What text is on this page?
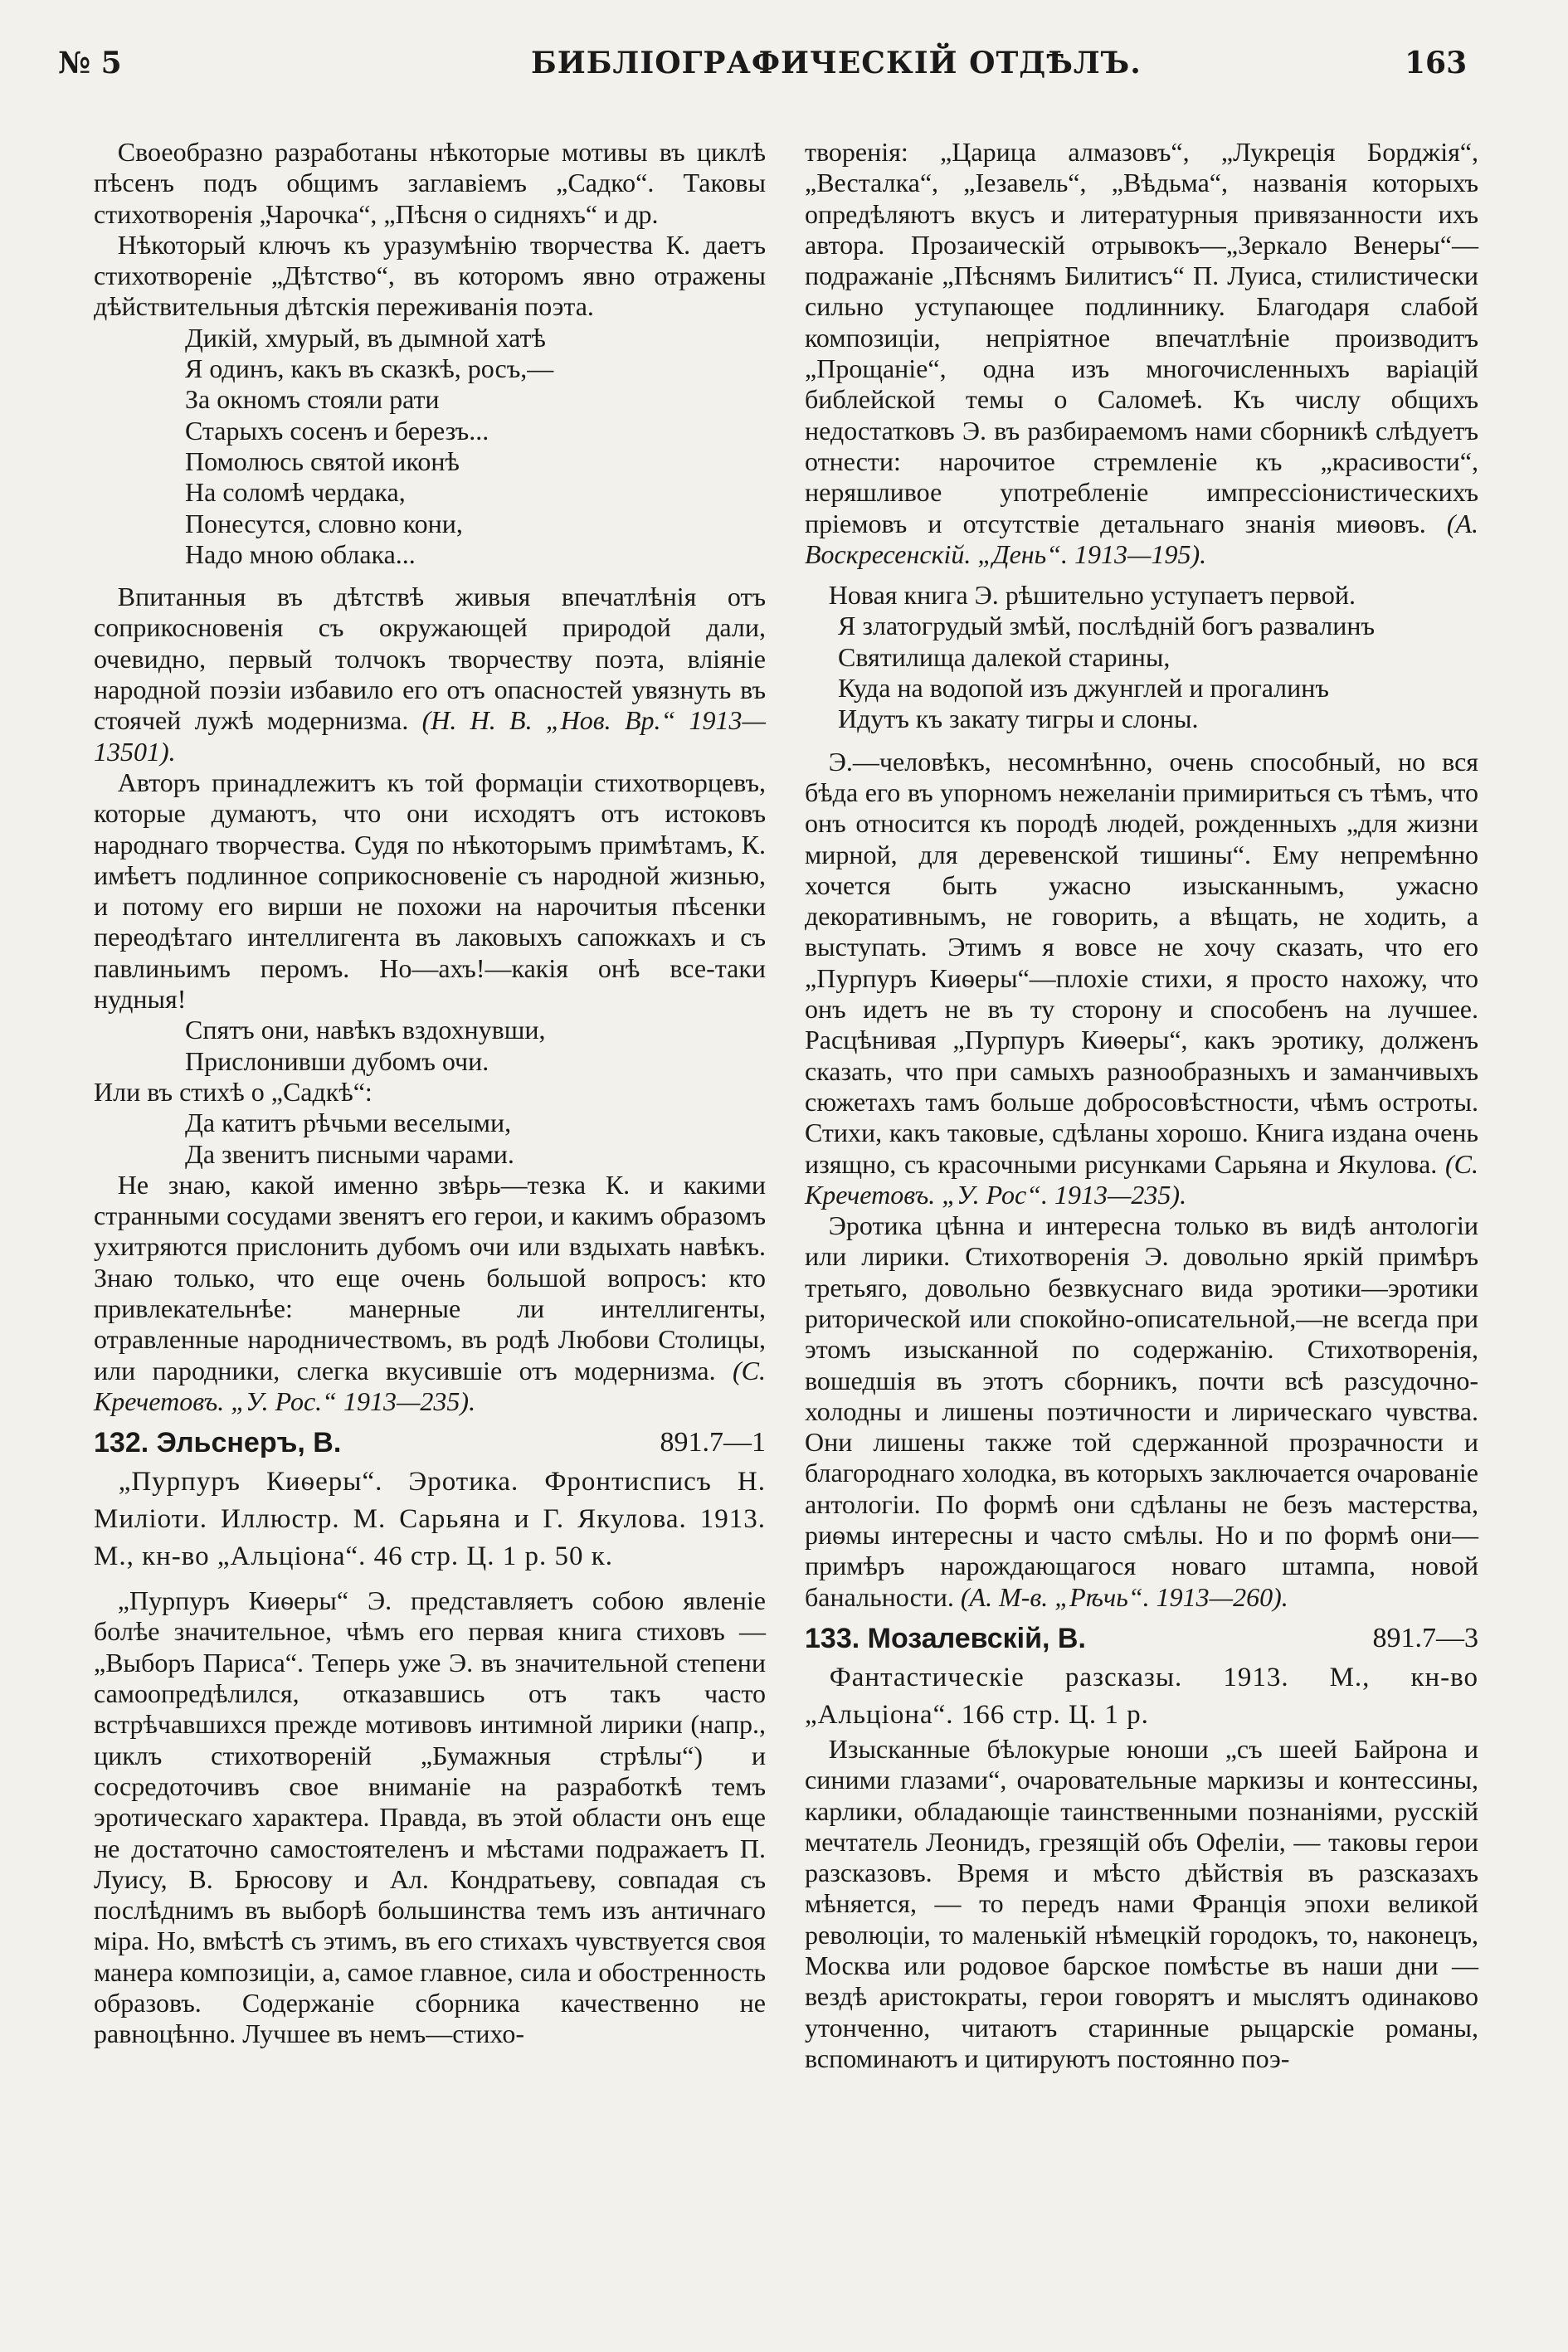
№ 5	БИБЛІОГРАФИЧЕСКІЙ ОТДѢЛЪ.	163

Своеобразно разработаны нѣкоторые мотивы въ циклѣ пѣсенъ подъ общимъ заглавіемъ „Садко“. Таковы стихотворенія „Чарочка“, „Пѣсня о сидняхъ“ и др.

Нѣкоторый ключъ къ уразумѣнію творчества К. даетъ стихотвореніе „Дѣтство“, въ которомъ явно отражены дѣйствительныя дѣтскія переживанія поэта.

Дикій, хмурый, въ дымной хатѣ
Я одинъ, какъ въ сказкѣ, росъ,—
За окномъ стояли рати
Старыхъ сосенъ и березъ...
Помолюсь святой иконѣ
На соломѣ чердака,
Понесутся, словно кони,
Надо мною облака...

Впитанныя въ дѣтствѣ живыя впечатлѣнія отъ соприкосновенія съ окружающей природой дали, очевидно, первый толчокъ творчеству поэта, вліяніе народной поэзіи избавило его отъ опасностей увязнуть въ стоячей лужѣ модернизма. (Н. Н. В. „Нов. Вр.“ 1913—13501).

Авторъ принадлежитъ къ той формаціи стихотворцевъ, которые думаютъ, что они исходятъ отъ истоковъ народнаго творчества. Судя по нѣкоторымъ примѣтамъ, К. имѣетъ подлинное соприкосновеніе съ народной жизнью, и потому его вирши не похожи на нарочитыя пѣсенки переодѣтаго интеллигента въ лаковыхъ сапожкахъ и съ павлиньимъ перомъ. Но—ахъ!—какія онѣ все-таки нудныя!

Спятъ они, навѣкъ вздохнувши,
Прислонивши дубомъ очи.

Или въ стихѣ о „Садкѣ“:

Да катитъ рѣчьми веселыми,
Да звенитъ писными чарами.

Не знаю, какой именно звѣрь—тезка К. и какими странными сосудами звенятъ его герои, и какимъ образомъ ухитряются прислонить дубомъ очи или вздыхать навѣкъ. Знаю только, что еще очень большой вопросъ: кто привлекательнѣе: манерные ли интеллигенты, отравленные народничествомъ, въ родѣ Любови Столицы, или пародники, слегка вкусившіе отъ модернизма. (С. Кречетовъ. „У. Рос.“ 1913—235).

132. Эльснеръ, В.	891.7—1

„Пурпуръ Киѳеры“. Эротика. Фронтисписъ Н. Миліоти. Иллюстр. М. Сарьяна и Г. Якулова. 1913. М., кн-во „Альціона“. 46 стр. Ц. 1 р. 50 к.

„Пурпуръ Киѳеры“ Э. представляетъ собою явленіе болѣе значительное, чѣмъ его первая книга стиховъ — „Выборъ Париса“. Теперь уже Э. въ значительной степени самоопредѣлился, отказавшись отъ такъ часто встрѣчавшихся прежде мотивовъ интимной лирики (напр., циклъ стихотвореній „Бумажныя стрѣлы“) и сосредоточивъ свое вниманіе на разработкѣ темъ эротическаго характера. Правда, въ этой области онъ еще не достаточно самостоятеленъ и мѣстами подражаетъ П. Луису, В. Брюсову и Ал. Кондратьеву, совпадая съ послѣднимъ въ выборѣ большинства темъ изъ античнаго міра. Но, вмѣстѣ съ этимъ, въ его стихахъ чувствуется своя манера композиціи, а, самое главное, сила и обостренность образовъ. Содержаніе сборника качественно не равноцѣнно. Лучшее въ немъ—стихо-

творенія: „Царица алмазовъ“, „Лукреція Борджія“, „Весталка“, „Іезавель“, „Вѣдьма“, названія которыхъ опредѣляютъ вкусъ и литературныя привязанности ихъ автора. Прозаическій отрывокъ—„Зеркало Венеры“—подражаніе „Пѣснямъ Билитисъ“ П. Луиса, стилистически сильно уступающее подлиннику. Благодаря слабой композиціи, непріятное впечатлѣніе производитъ „Прощаніе“, одна изъ многочисленныхъ варіацій библейской темы о Саломеѣ. Къ числу общихъ недостатковъ Э. въ разбираемомъ нами сборникѣ слѣдуетъ отнести: нарочитое стремленіе къ „красивости“, неряшливое употребленіе импрессіонистическихъ пріемовъ и отсутствіе детальнаго знанія миѳовъ. (А. Воскресенскій. „День“. 1913—195).

Новая книга Э. рѣшительно уступаетъ первой.

Я златогрудый змѣй, послѣдній богъ развалинъ
Святилища далекой старины,
Куда на водопой изъ джунглей и прогалинъ
Идутъ къ закату тигры и слоны.

Э.—человѣкъ, несомнѣнно, очень способный, но вся бѣда его въ упорномъ нежеланіи примириться съ тѣмъ, что онъ относится къ породѣ людей, рожденныхъ „для жизни мирной, для деревенской тишины“. Ему непремѣнно хочется быть ужасно изысканнымъ, ужасно декоративнымъ, не говорить, а вѣщать, не ходить, а выступать. Этимъ я вовсе не хочу сказать, что его „Пурпуръ Киѳеры“—плохіе стихи, я просто нахожу, что онъ идетъ не въ ту сторону и способенъ на лучшее. Расцѣнивая „Пурпуръ Киѳеры“, какъ эротику, долженъ сказать, что при самыхъ разнообразныхъ и заманчивыхъ сюжетахъ тамъ больше добросовѣстности, чѣмъ остроты. Стихи, какъ таковые, сдѣланы хорошо. Книга издана очень изящно, съ красочными рисунками Сарьяна и Якулова. (С. Кречетовъ. „У. Рос“. 1913—235).

Эротика цѣнна и интересна только въ видѣ антологіи или лирики. Стихотворенія Э. довольно яркій примѣръ третьяго, довольно безвкуснаго вида эротики—эротики риторической или спокойно-описательной,—не всегда при этомъ изысканной по содержанію. Стихотворенія, вошедшія въ этотъ сборникъ, почти всѣ разсудочно-холодны и лишены поэтичности и лирическаго чувства. Они лишены также той сдержанной прозрачности и благороднаго холодка, въ которыхъ заключается очарованіе антологіи. По формѣ они сдѣланы не безъ мастерства, риѳмы интересны и часто смѣлы. Но и по формѣ они—примѣръ нарождающагося новаго штампа, новой банальности. (А. М-в. „Рѣчь“. 1913—260).

133. Мозалевскій, В.	891.7—3

Фантастическіе разсказы. 1913. М., кн-во „Альціона“. 166 стр. Ц. 1 р.

Изысканные бѣлокурые юноши „съ шеей Байрона и синими глазами“, очаровательные маркизы и контессины, карлики, обладающіе таинственными познаніями, русскій мечтатель Леонидъ, грезящій объ Офеліи, — таковы герои разсказовъ. Время и мѣсто дѣйствія въ разсказахъ мѣняется, — то передъ нами Франція эпохи великой революціи, то маленькій нѣмецкій городокъ, то, наконецъ, Москва или родовое барское помѣстье въ наши дни — вездѣ аристократы, герои говорятъ и мыслятъ одинаково утонченно, читаютъ старинные рыцарскіе романы, вспоминаютъ и цитируютъ постоянно поэ-
